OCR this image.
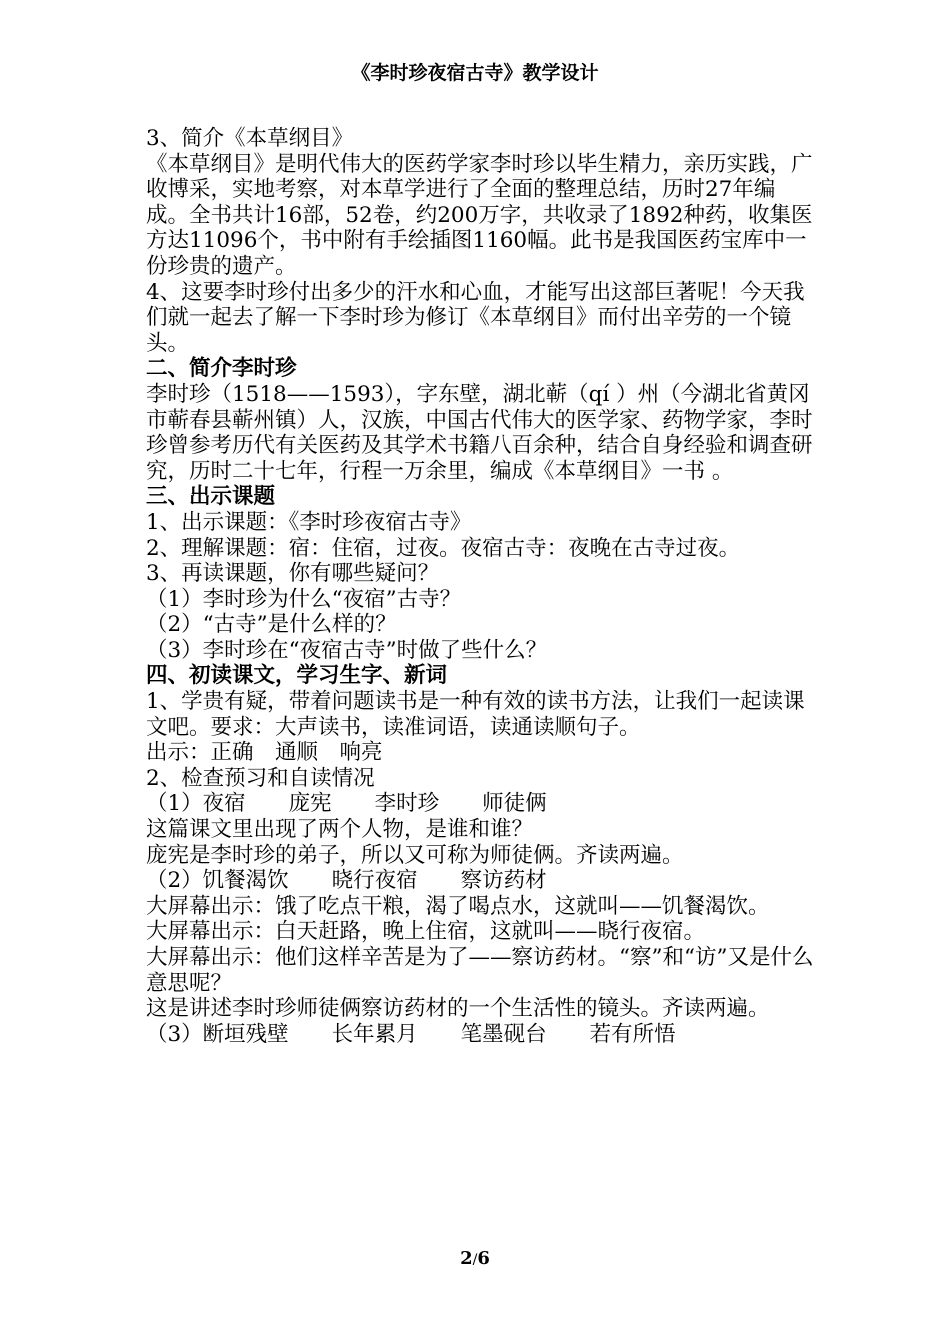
《李时珍夜宿古寺》教学设计

3、简介《本草纲目》

《本草纲目》是明代伟大的医药学家李时珍以毕生精力，亲历实践，广收博采，实地考察，对本草学进行了全面的整理总结，历时27年编成。全书共计16部，52卷，约200万字，共收录了1892种药，收集医方达11096个，书中附有手绘插图1160幅。此书是我国医药宝库中一份珍贵的遗产。

4、这要李时珍付出多少的汗水和心血，才能写出这部巨著呢！今天我们就一起去了解一下李时珍为修订《本草纲目》而付出辛劳的一个镜头。

二、简介李时珍

李时珍（1518——1593），字东壁，湖北蕲（qí ）州（今湖北省黄冈市蕲春县蕲州镇）人，汉族，中国古代伟大的医学家、药物学家，李时珍曾参考历代有关医药及其学术书籍八百余种，结合自身经验和调查研究，历时二十七年，行程一万余里，编成《本草纲目》一书 。

三、出示课题

1、出示课题：《李时珍夜宿古寺》

2、理解课题：宿：住宿，过夜。夜宿古寺：夜晚在古寺过夜。

3、再读课题，你有哪些疑问？

（1）李时珍为什么“夜宿”古寺？

（2）“古寺”是什么样的？

（3）李时珍在“夜宿古寺”时做了些什么？

四、初读课文，学习生字、新词

1、学贵有疑，带着问题读书是一种有效的读书方法，让我们一起读课文吧。要求：大声读书，读准词语，读通读顺句子。

出示：正确　通顺　响亮

2、检查预习和自读情况

（1）夜宿　　庞宪　　李时珍　　师徒俩

这篇课文里出现了两个人物，是谁和谁？

庞宪是李时珍的弟子，所以又可称为师徒俩。齐读两遍。

（2）饥餐渴饮　　晓行夜宿　　察访药材

大屏幕出示：饿了吃点干粮，渴了喝点水，这就叫——饥餐渴饮。

大屏幕出示：白天赶路，晚上住宿，这就叫——晓行夜宿。

大屏幕出示：他们这样辛苦是为了——察访药材。“察”和“访”又是什么意思呢？

这是讲述李时珍师徒俩察访药材的一个生活性的镜头。齐读两遍。

（3）断垣残壁　　长年累月　　笔墨砚台　　若有所悟

2/6
